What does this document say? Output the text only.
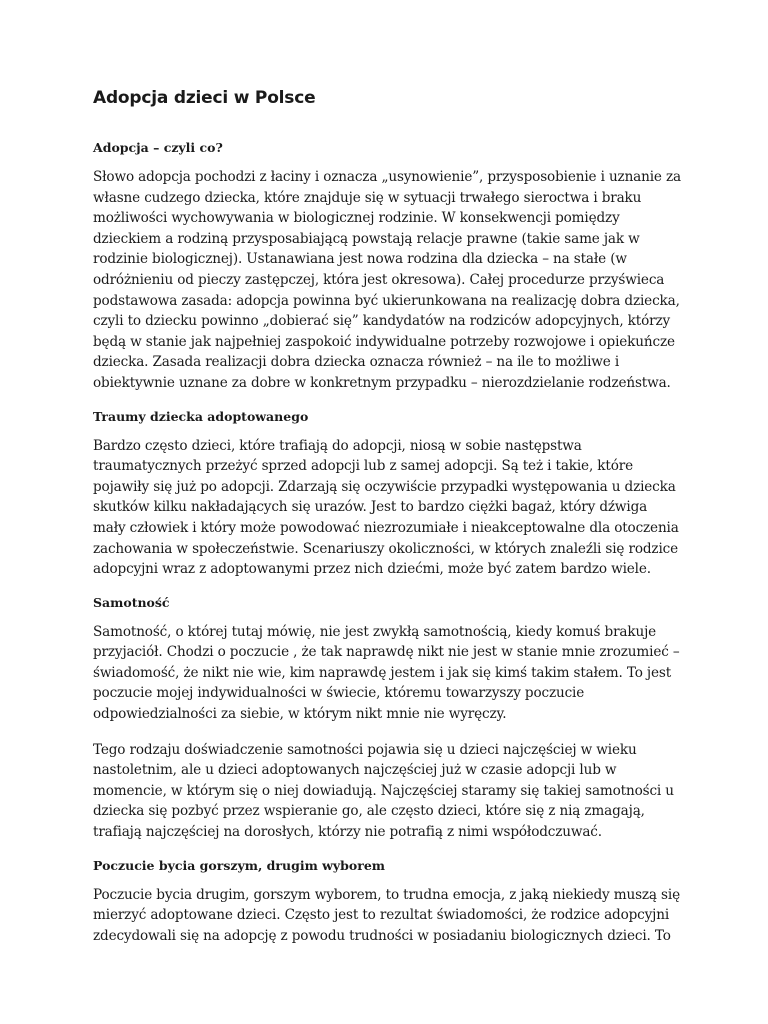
Adopcja dzieci w Polsce
Adopcja – czyli co?

Słowo adopcja pochodzi z łaciny i oznacza „usynowienie”, przysposobienie i uznanie za własne cudzego dziecka, które znajduje się w sytuacji trwałego sieroctwa i braku możliwości wychowywania w biologicznej rodzinie. W konsekwencji pomiędzy dzieckiem a rodziną przysposabiającą powstają relacje prawne (takie same jak w rodzinie biologicznej). Ustanawiana jest nowa rodzina dla dziecka – na stałe (w odróżnieniu od pieczy zastępczej, która jest okresowa). Całej procedurze przyświeca podstawowa zasada: adopcja powinna być ukierunkowana na realizację dobra dziecka, czyli to dziecku powinno „dobierać się” kandydatów na rodziców adopcyjnych, którzy będą w stanie jak najpełniej zaspokoić indywidualne potrzeby rozwojowe i opiekuńcze dziecka. Zasada realizacji dobra dziecka oznacza również – na ile to możliwe i obiektywnie uznane za dobre w konkretnym przypadku – nierozdzielanie rodzeństwa.

Traumy dziecka adoptowanego

Bardzo często dzieci, które trafiają do adopcji, niosą w sobie następstwa traumatycznych przeżyć sprzed adopcji lub z samej adopcji. Są też i takie, które pojawiły się już po adopcji. Zdarzają się oczywiście przypadki występowania u dziecka skutków kilku nakładających się urazów. Jest to bardzo ciężki bagaż, który dźwiga mały człowiek i który może powodować niezrozumiałe i nieakceptowalne dla otoczenia zachowania w społeczeństwie. Scenariuszy okoliczności, w których znaleźli się rodzice adopcyjni wraz z adoptowanymi przez nich dziećmi, może być zatem bardzo wiele.

Samotność

Samotność, o której tutaj mówię, nie jest zwykłą samotnością, kiedy komuś brakuje przyjaciół. Chodzi o poczucie , że tak naprawdę nikt nie jest w stanie mnie zrozumieć – świadomość, że nikt nie wie, kim naprawdę jestem i jak się kimś takim stałem. To jest poczucie mojej indywidualności w świecie, któremu towarzyszy poczucie odpowiedzialności za siebie, w którym nikt mnie nie wyręczy.

Tego rodzaju doświadczenie samotności pojawia się u dzieci najczęściej w wieku nastoletnim, ale u dzieci adoptowanych najczęściej już w czasie adopcji lub w momencie, w którym się o niej dowiadują. Najczęściej staramy się takiej samotności u dziecka się pozbyć przez wspieranie go, ale często dzieci, które się z nią zmagają, trafiają najczęściej na dorosłych, którzy nie potrafią z nimi współodczuwać.

Poczucie bycia gorszym, drugim wyborem

Poczucie bycia drugim, gorszym wyborem, to trudna emocja, z jaką niekiedy muszą się mierzyć adoptowane dzieci. Często jest to rezultat świadomości, że rodzice adopcyjni zdecydowali się na adopcję z powodu trudności w posiadaniu biologicznych dzieci. To
